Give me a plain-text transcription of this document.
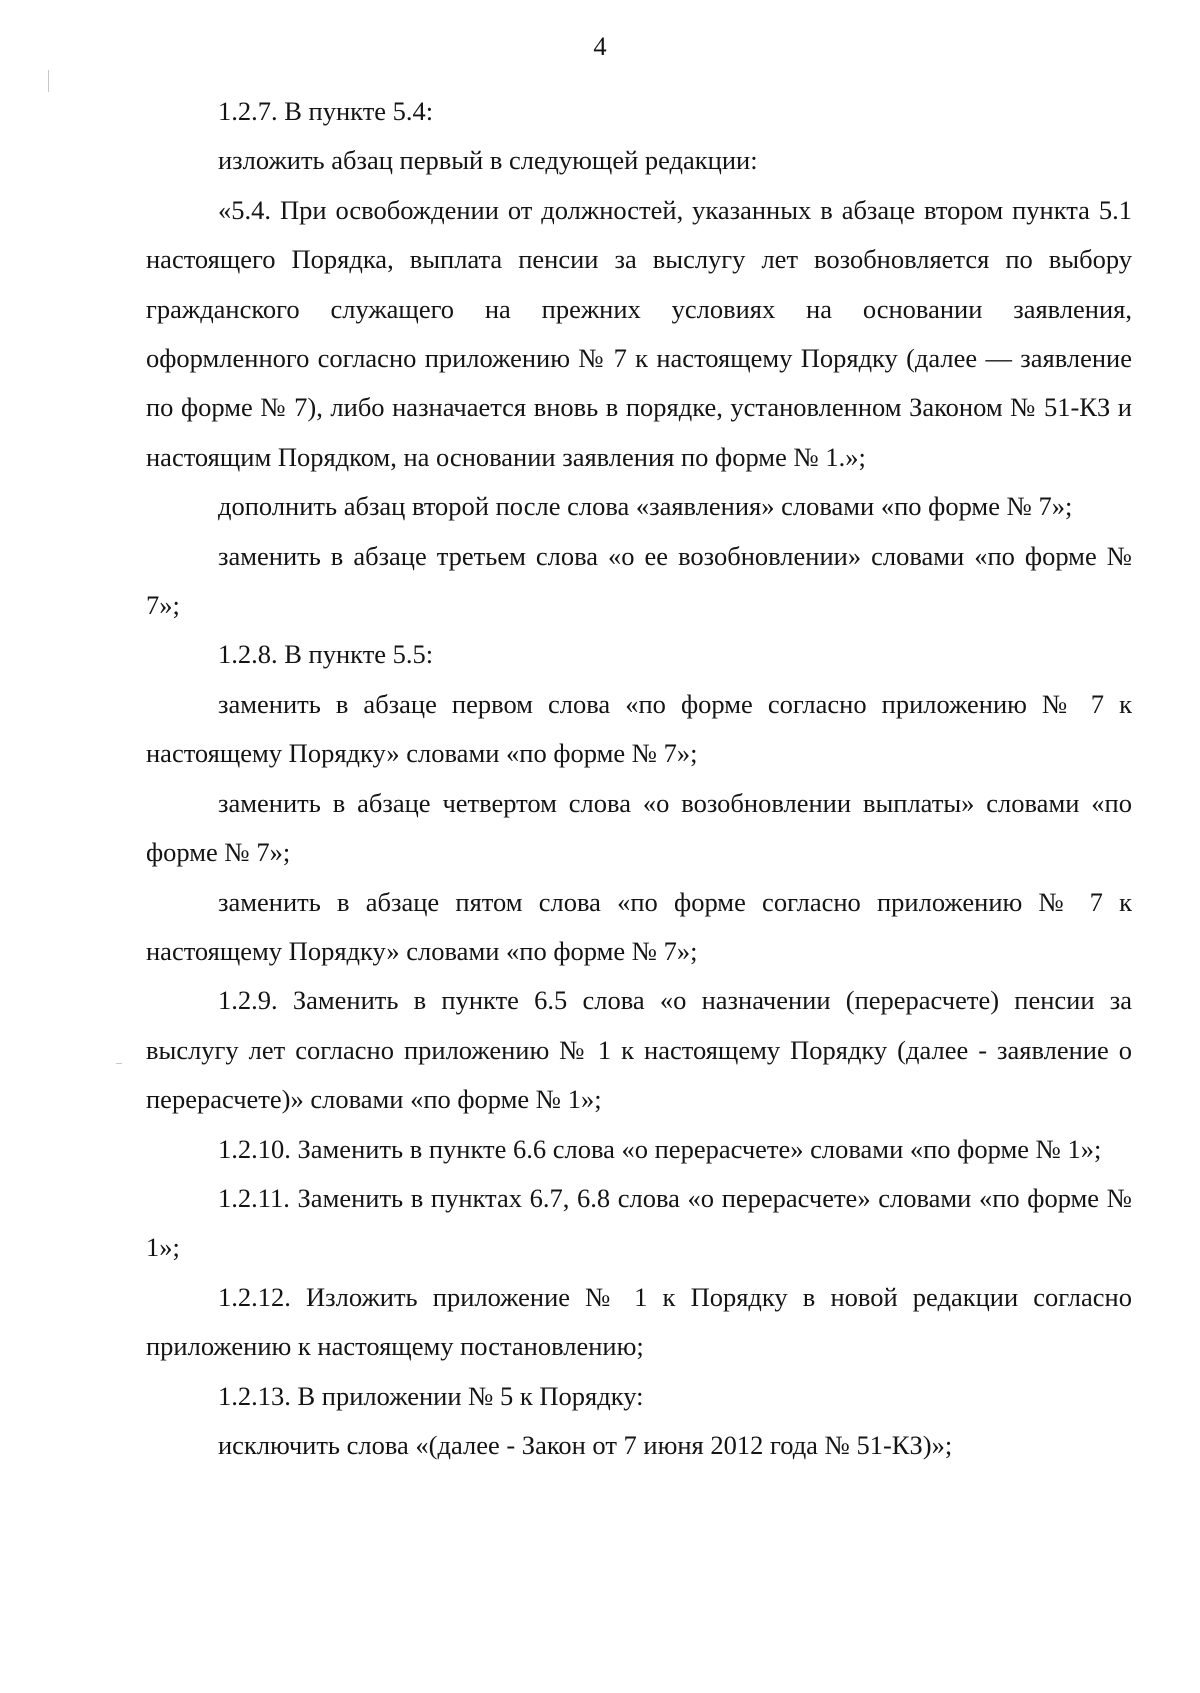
4

1.2.7. В пункте 5.4:

изложить абзац первый в следующей редакции:

«5.4. При освобождении от должностей, указанных в абзаце втором пункта 5.1 настоящего Порядка, выплата пенсии за выслугу лет возобновляется по выбору гражданского служащего на прежних условиях на основании заявления, оформленного согласно приложению № 7 к настоящему Порядку (далее — заявление по форме № 7), либо назначается вновь в порядке, установленном Законом № 51-КЗ и настоящим Порядком, на основании заявления по форме № 1.»;

дополнить абзац второй после слова «заявления» словами «по форме № 7»;

заменить в абзаце третьем слова «о ее возобновлении» словами «по форме № 7»;

1.2.8. В пункте 5.5:

заменить в абзаце первом слова «по форме согласно приложению № 7 к настоящему Порядку» словами «по форме № 7»;

заменить в абзаце четвертом слова «о возобновлении выплаты» словами «по форме № 7»;

заменить в абзаце пятом слова «по форме согласно приложению № 7 к настоящему Порядку» словами «по форме № 7»;

1.2.9. Заменить в пункте 6.5 слова «о назначении (перерасчете) пенсии за выслугу лет согласно приложению № 1 к настоящему Порядку (далее - заявление о перерасчете)» словами «по форме № 1»;

1.2.10. Заменить в пункте 6.6 слова «о перерасчете» словами «по форме № 1»;

1.2.11. Заменить в пунктах 6.7, 6.8 слова «о перерасчете» словами «по форме № 1»;

1.2.12. Изложить приложение № 1 к Порядку в новой редакции согласно приложению к настоящему постановлению;

1.2.13. В приложении № 5 к Порядку:

исключить слова «(далее - Закон от 7 июня 2012 года № 51-КЗ)»;
